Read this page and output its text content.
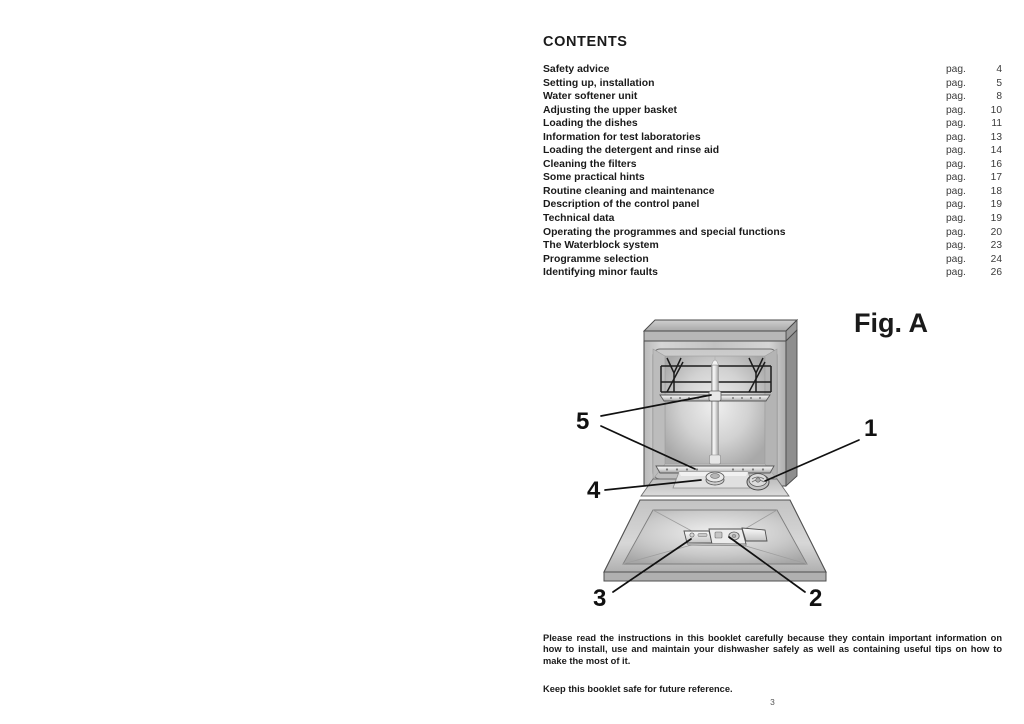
CONTENTS
Safety advice	pag.	4
Setting up, installation	pag.	5
Water softener unit	pag.	8
Adjusting the upper basket	pag.	10
Loading the dishes	pag.	11
Information for test laboratories	pag.	13
Loading the detergent and rinse aid	pag.	14
Cleaning the filters	pag.	16
Some practical hints	pag.	17
Routine cleaning and maintenance	pag.	18
Description of the control panel	pag.	19
Technical data	pag.	19
Operating the programmes and special functions	pag.	20
The Waterblock system	pag.	23
Programme selection	pag.	24
Identifying minor faults	pag.	26
Fig. A
5
4
1
3	2

Please read the instructions in this booklet carefully because they contain important information on how to install, use and maintain your dishwasher safely as well as containing useful tips on how to make the most of it.

Keep this booklet safe for future reference.

3
